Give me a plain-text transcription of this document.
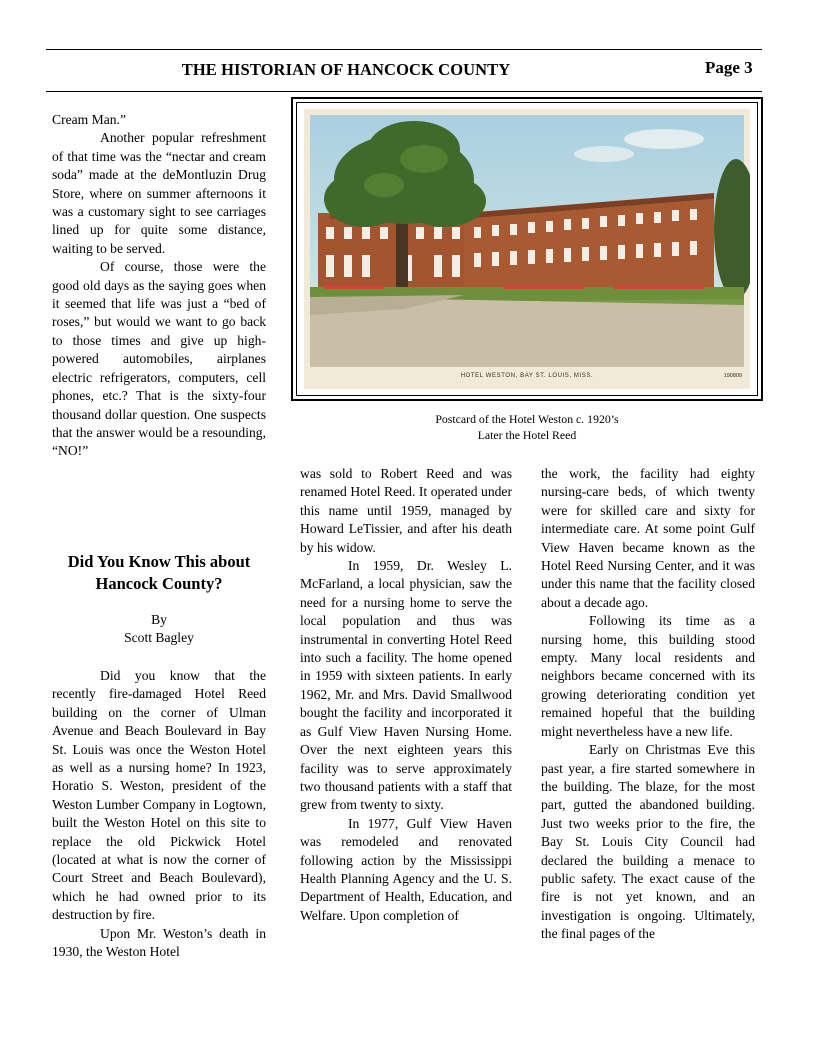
THE HISTORIAN OF HANCOCK COUNTY	Page 3

Cream Man.”

Another popular refreshment of that time was the “nectar and cream soda” made at the deMontluzin Drug Store, where on summer afternoons it was a customary sight to see carriages lined up for quite some distance, waiting to be served.

Of course, those were the good old days as the saying goes when it seemed that life was just a “bed of roses,” but would we want to go back to those times and give up high-powered automobiles, airplanes electric refrigerators, computers, cell phones, etc.? That is the sixty-four thousand dollar question. One suspects that the answer would be a resounding, “NO!”

Did You Know This about
Hancock County?
By
Scott Bagley

Did you know that the recently fire-damaged Hotel Reed building on the corner of Ulman Avenue and Beach Boulevard in Bay St. Louis was once the Weston Hotel as well as a nursing home? In 1923, Horatio S. Weston, president of the Weston Lumber Company in Logtown, built the Weston Hotel on this site to replace the old Pickwick Hotel (located at what is now the corner of Court Street and Beach Boulevard), which he had owned prior to its destruction by fire.

Upon Mr. Weston’s death in 1930, the Weston Hotel

HOTEL WESTON, BAY ST. LOUIS, MISS.	190809
Postcard of the Hotel Weston c. 1920’s
Later the Hotel Reed

was sold to Robert Reed and was renamed Hotel Reed. It operated under this name until 1959, managed by Howard LeTissier, and after his death by his widow.

In 1959, Dr. Wesley L. McFarland, a local physician, saw the need for a nursing home to serve the local population and thus was instrumental in converting Hotel Reed into such a facility. The home opened in 1959 with sixteen patients. In early 1962, Mr. and Mrs. David Smallwood bought the facility and incorporated it as Gulf View Haven Nursing Home. Over the next eighteen years this facility was to serve approximately two thousand patients with a staff that grew from twenty to sixty.

In 1977, Gulf View Haven was remodeled and renovated following action by the Mississippi Health Planning Agency and the U. S. Department of Health, Education, and Welfare. Upon completion of

the work, the facility had eighty nursing-care beds, of which twenty were for skilled care and sixty for intermediate care. At some point Gulf View Haven became known as the Hotel Reed Nursing Center, and it was under this name that the facility closed about a decade ago.

Following its time as a nursing home, this building stood empty. Many local residents and neighbors became concerned with its growing deteriorating condition yet remained hopeful that the building might nevertheless have a new life.

Early on Christmas Eve this past year, a fire started somewhere in the building. The blaze, for the most part, gutted the abandoned building. Just two weeks prior to the fire, the Bay St. Louis City Council had declared the building a menace to public safety. The exact cause of the fire is not yet known, and an investigation is ongoing. Ultimately, the final pages of the
